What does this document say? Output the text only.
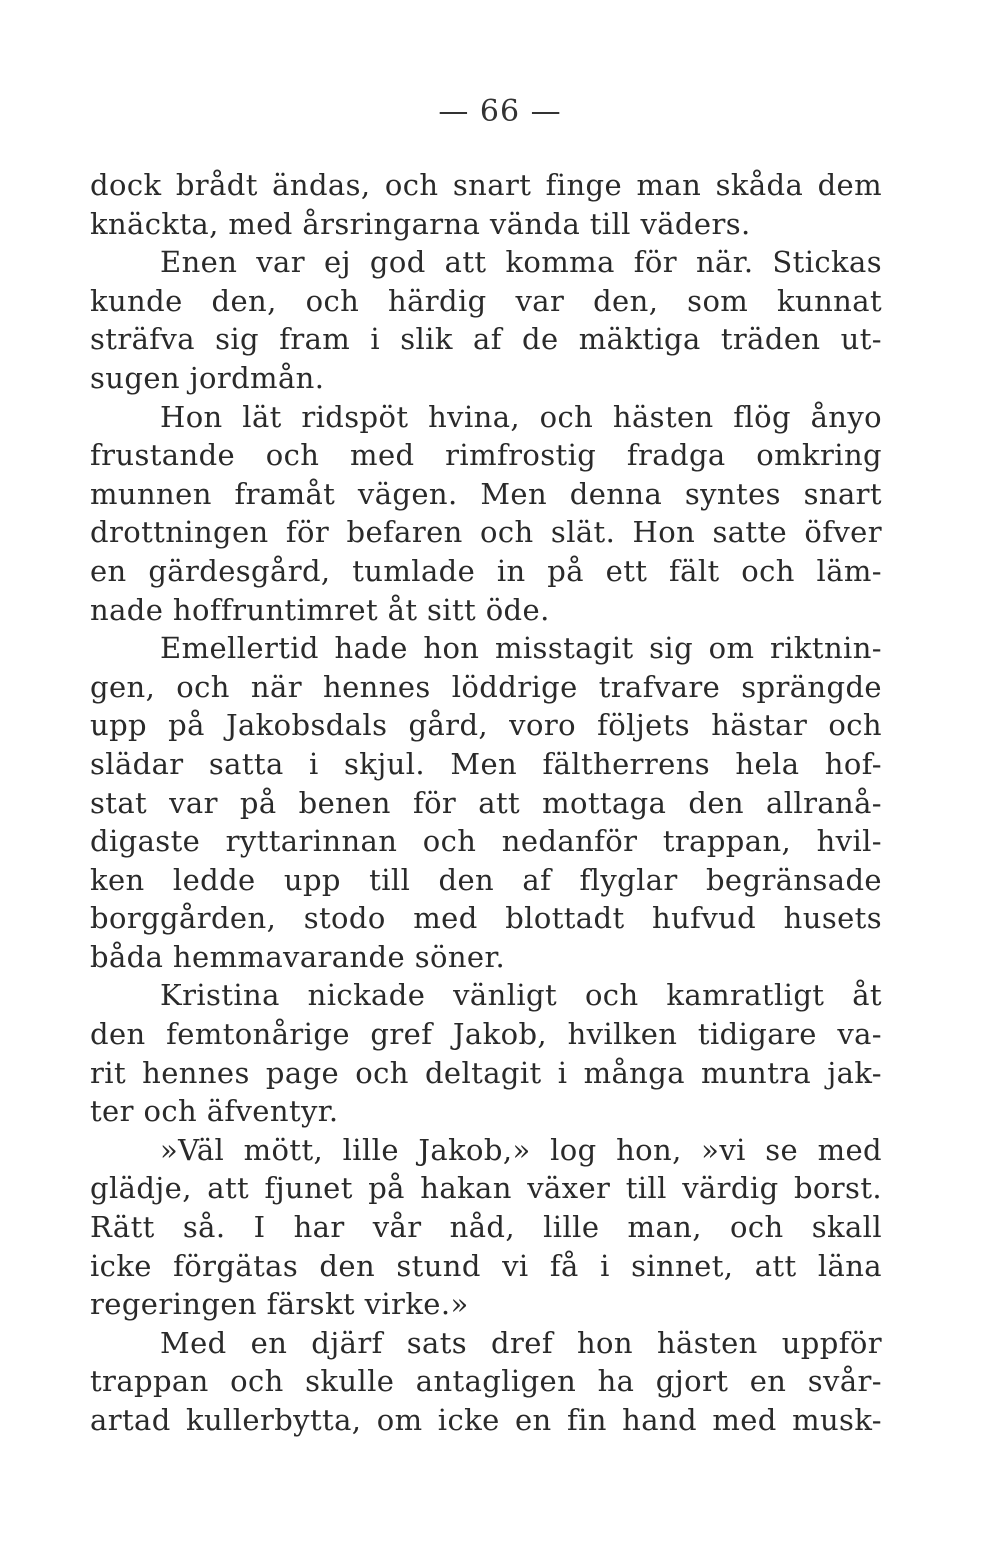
— 66 —
dock brådt ändas, och snart finge man skåda dem
knäckta, med årsringarna vända till väders.
Enen var ej god att komma för när. Stickas
kunde den, och härdig var den, som kunnat
sträfva sig fram i slik af de mäktiga träden ut-
sugen jordmån.
Hon lät ridspöt hvina, och hästen flög ånyo
frustande och med rimfrostig fradga omkring
munnen framåt vägen. Men denna syntes snart
drottningen för befaren och slät. Hon satte öfver
en gärdesgård, tumlade in på ett fält och läm-
nade hoffruntimret åt sitt öde.
Emellertid hade hon misstagit sig om riktnin-
gen, och när hennes löddrige trafvare sprängde
upp på Jakobsdals gård, voro följets hästar och
slädar satta i skjul. Men fältherrens hela hof-
stat var på benen för att mottaga den allranå-
digaste ryttarinnan och nedanför trappan, hvil-
ken ledde upp till den af flyglar begränsade
borggården, stodo med blottadt hufvud husets
båda hemmavarande söner.
Kristina nickade vänligt och kamratligt åt
den femtonårige gref Jakob, hvilken tidigare va-
rit hennes page och deltagit i många muntra jak-
ter och äfventyr.
»Väl mött, lille Jakob,» log hon, »vi se med
glädje, att fjunet på hakan växer till värdig borst.
Rätt så. I har vår nåd, lille man, och skall
icke förgätas den stund vi få i sinnet, att läna
regeringen färskt virke.»
Med en djärf sats dref hon hästen uppför
trappan och skulle antagligen ha gjort en svår-
artad kullerbytta, om icke en fin hand med musk-
